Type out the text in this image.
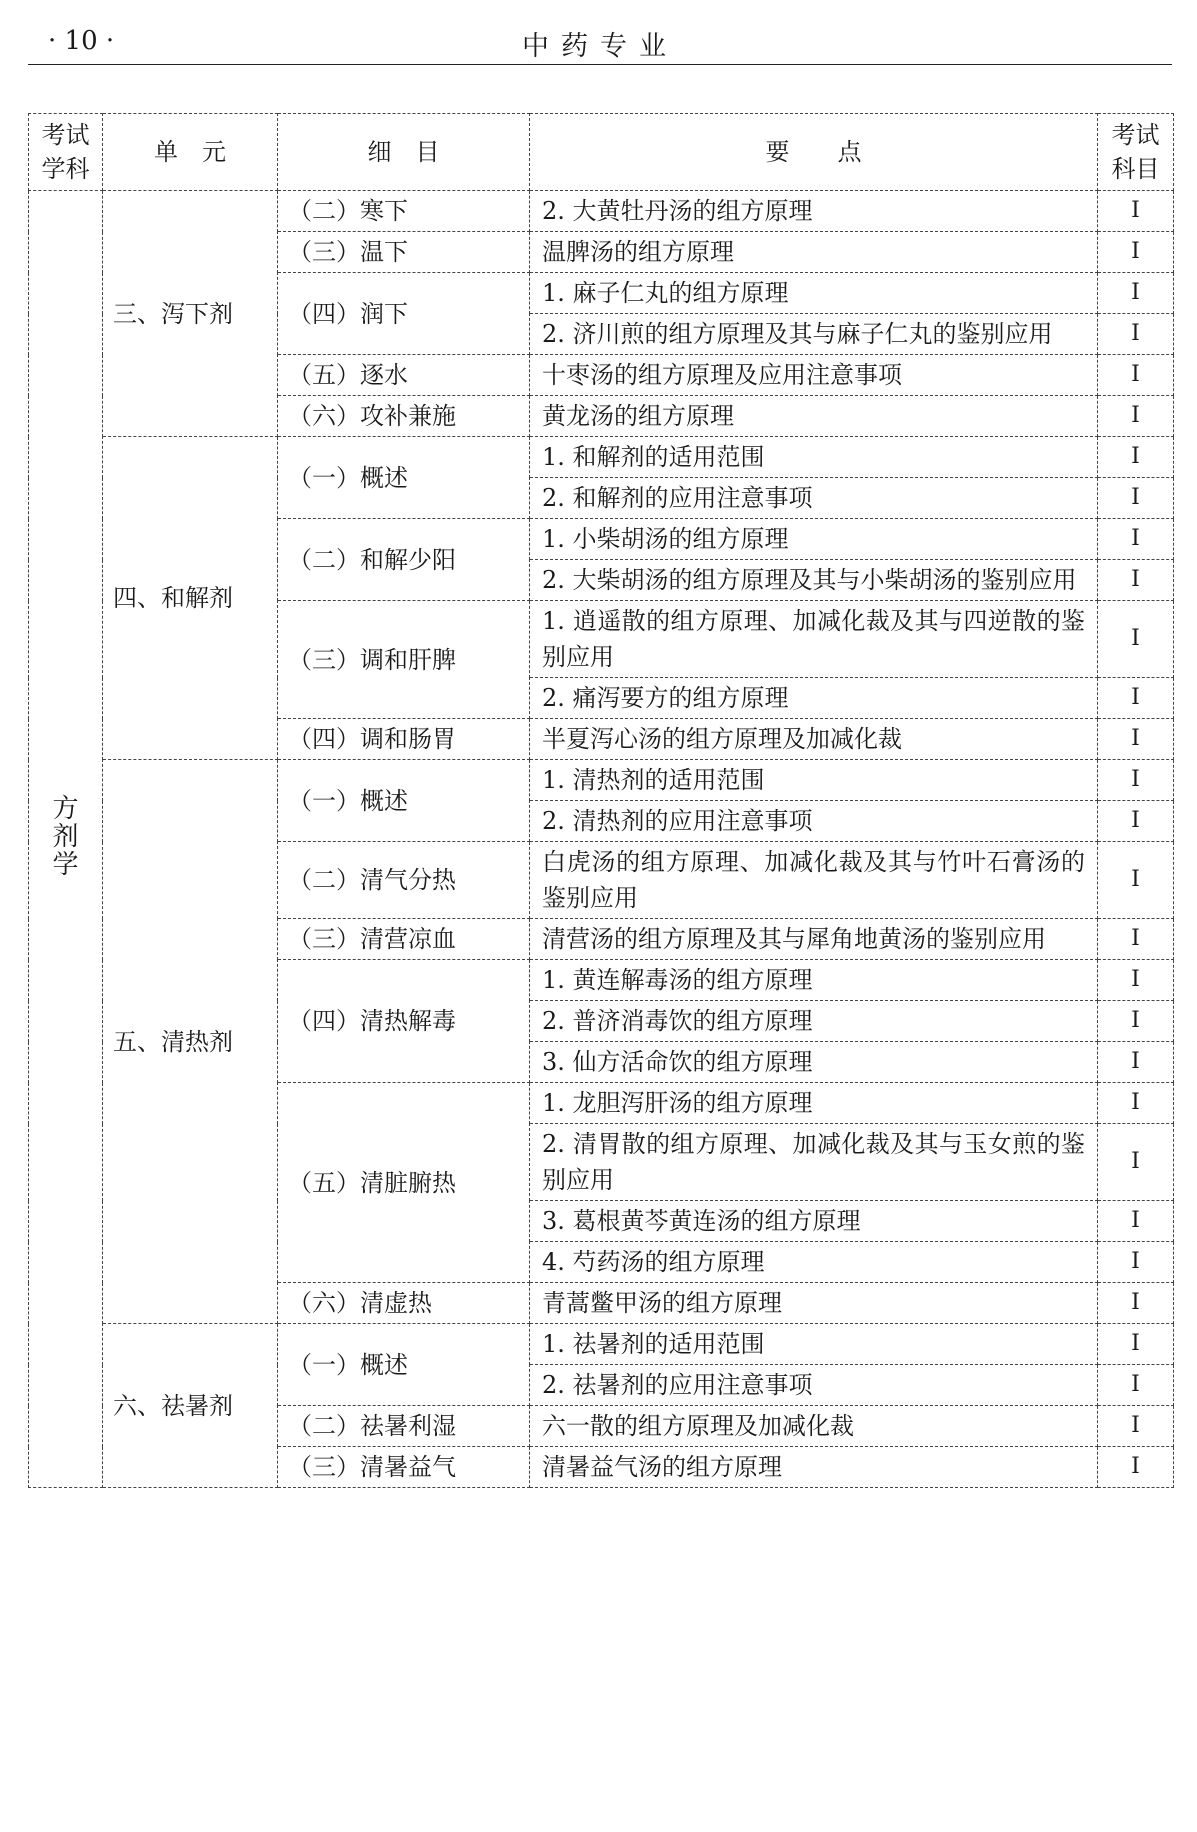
· 10 ·	中药专业
考试学科	单　元	细　目	要　　点	考试科目
方剂学	三、泻下剂	（二）寒下	2. 大黄牡丹汤的组方原理	Ⅰ
		（三）温下	温脾汤的组方原理	Ⅰ
		（四）润下	1. 麻子仁丸的组方原理	Ⅰ
			2. 济川煎的组方原理及其与麻子仁丸的鉴别应用	Ⅰ
		（五）逐水	十枣汤的组方原理及应用注意事项	Ⅰ
		（六）攻补兼施	黄龙汤的组方原理	Ⅰ
	四、和解剂	（一）概述	1. 和解剂的适用范围	Ⅰ
			2. 和解剂的应用注意事项	Ⅰ
		（二）和解少阳	1. 小柴胡汤的组方原理	Ⅰ
			2. 大柴胡汤的组方原理及其与小柴胡汤的鉴别应用	Ⅰ
		（三）调和肝脾	1. 逍遥散的组方原理、加减化裁及其与四逆散的鉴别应用	Ⅰ
			2. 痛泻要方的组方原理	Ⅰ
		（四）调和肠胃	半夏泻心汤的组方原理及加减化裁	Ⅰ
	五、清热剂	（一）概述	1. 清热剂的适用范围	Ⅰ
			2. 清热剂的应用注意事项	Ⅰ
		（二）清气分热	白虎汤的组方原理、加减化裁及其与竹叶石膏汤的鉴别应用	Ⅰ
		（三）清营凉血	清营汤的组方原理及其与犀角地黄汤的鉴别应用	Ⅰ
		（四）清热解毒	1. 黄连解毒汤的组方原理	Ⅰ
			2. 普济消毒饮的组方原理	Ⅰ
			3. 仙方活命饮的组方原理	Ⅰ
		（五）清脏腑热	1. 龙胆泻肝汤的组方原理	Ⅰ
			2. 清胃散的组方原理、加减化裁及其与玉女煎的鉴别应用	Ⅰ
			3. 葛根黄芩黄连汤的组方原理	Ⅰ
			4. 芍药汤的组方原理	Ⅰ
		（六）清虚热	青蒿鳖甲汤的组方原理	Ⅰ
	六、祛暑剂	（一）概述	1. 祛暑剂的适用范围	Ⅰ
			2. 祛暑剂的应用注意事项	Ⅰ
		（二）祛暑利湿	六一散的组方原理及加减化裁	Ⅰ
		（三）清暑益气	清暑益气汤的组方原理	Ⅰ
